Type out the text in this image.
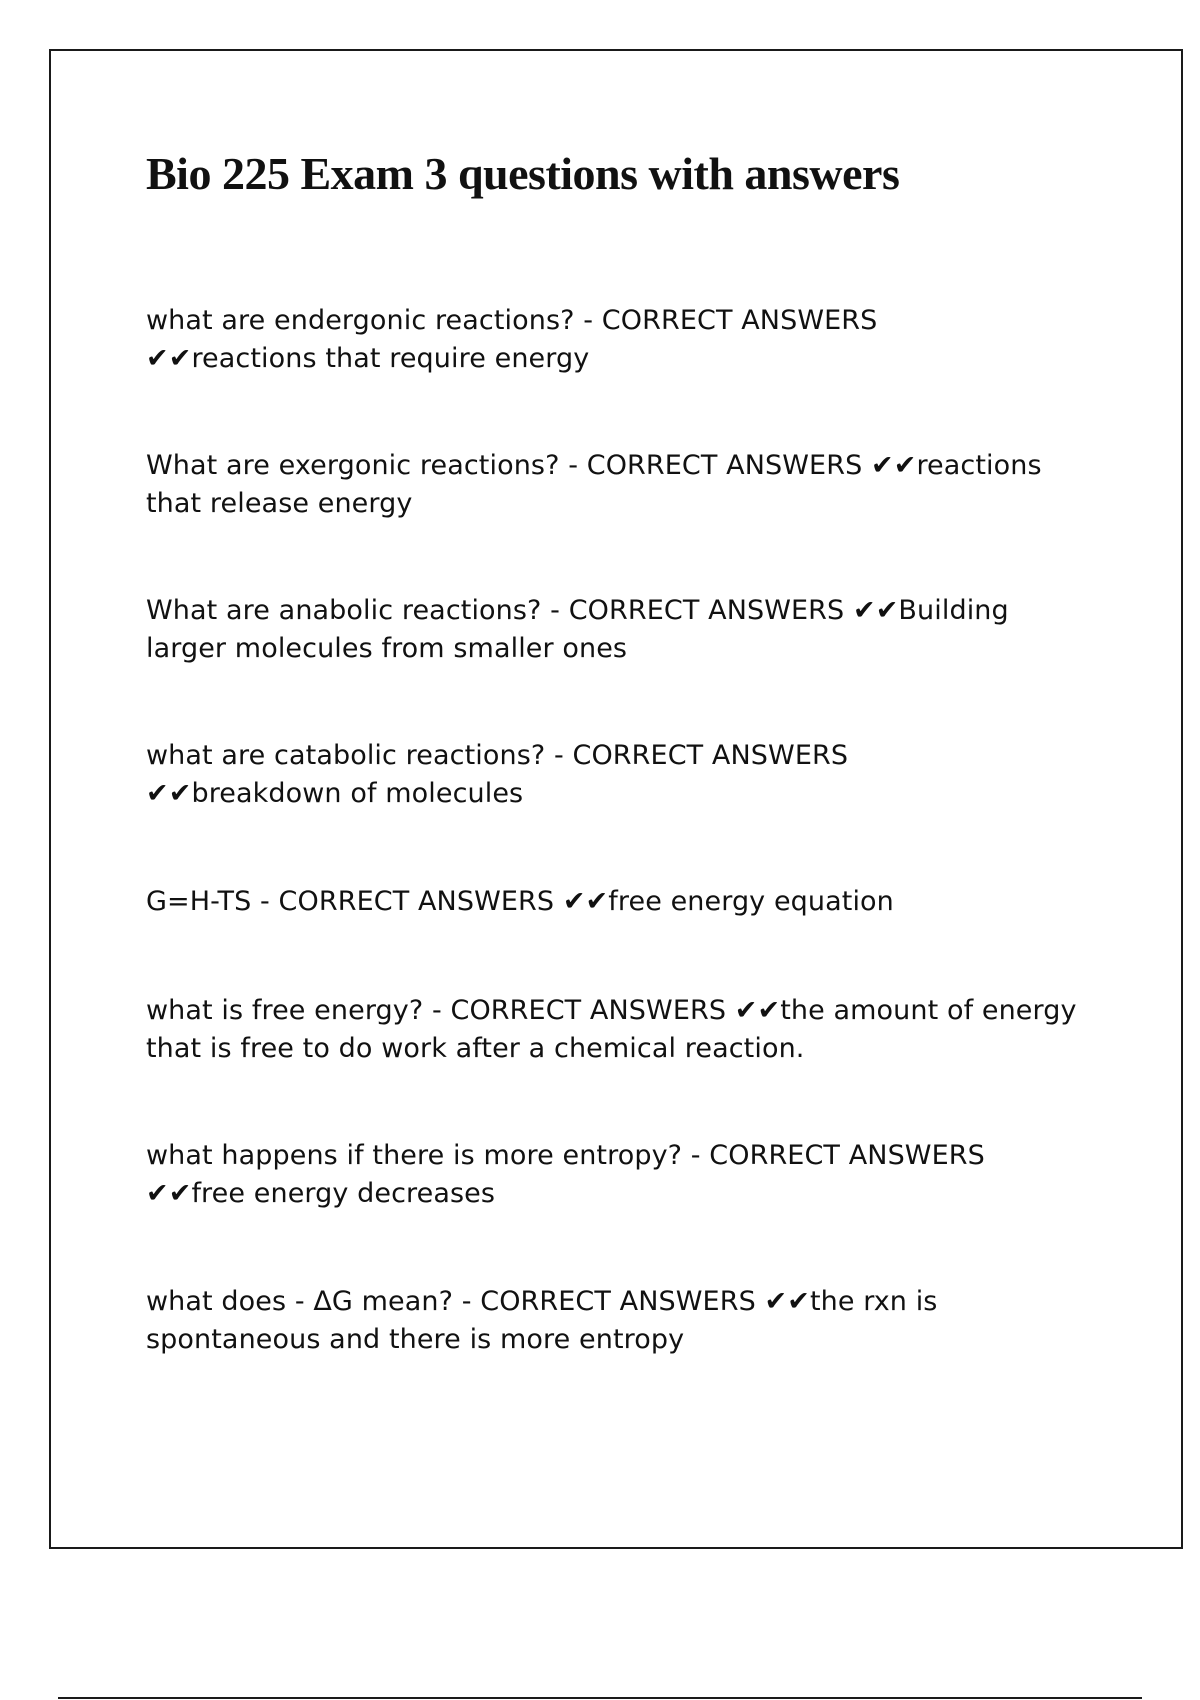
Bio 225 Exam 3 questions with answers

what are endergonic reactions? - CORRECT ANSWERS
✔✔reactions that require energy

What are exergonic reactions? - CORRECT ANSWERS ✔✔reactions that release energy

What are anabolic reactions? - CORRECT ANSWERS ✔✔Building larger molecules from smaller ones

what are catabolic reactions? - CORRECT ANSWERS
✔✔breakdown of molecules

G=H-TS - CORRECT ANSWERS ✔✔free energy equation

what is free energy? - CORRECT ANSWERS ✔✔the amount of energy that is free to do work after a chemical reaction.

what happens if there is more entropy? - CORRECT ANSWERS
✔✔free energy decreases

what does - ΔG mean? - CORRECT ANSWERS ✔✔the rxn is spontaneous and there is more entropy
